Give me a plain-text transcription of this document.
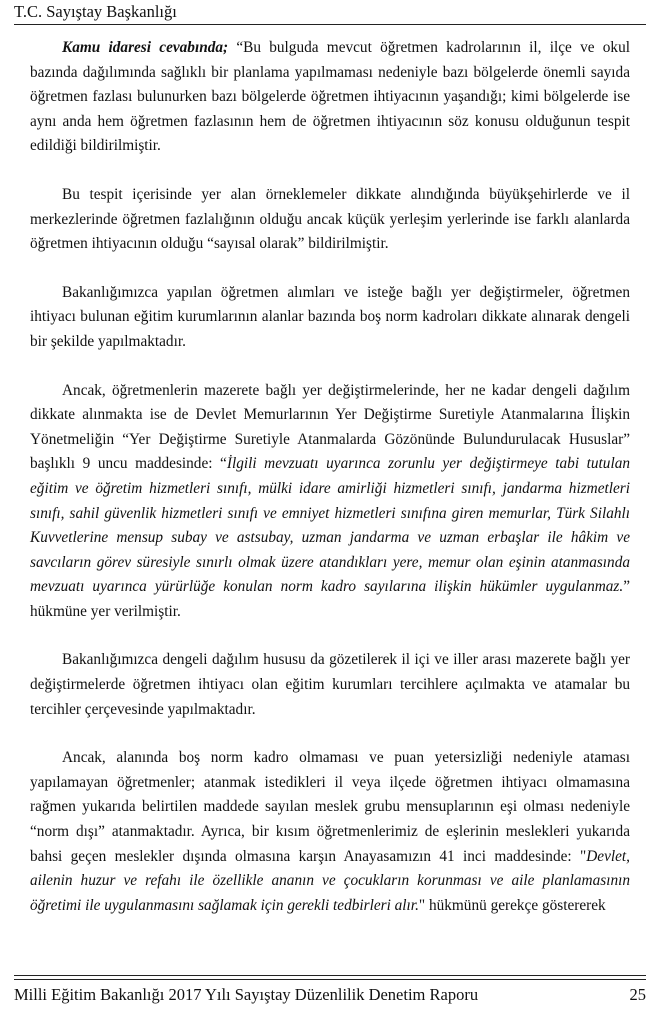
T.C. Sayıştay Başkanlığı

Kamu idaresi cevabında; “Bu bulguda mevcut öğretmen kadrolarının il, ilçe ve okul bazında dağılımında sağlıklı bir planlama yapılmaması nedeniyle bazı bölgelerde önemli sayıda öğretmen fazlası bulunurken bazı bölgelerde öğretmen ihtiyacının yaşandığı; kimi bölgelerde ise aynı anda hem öğretmen fazlasının hem de öğretmen ihtiyacının söz konusu olduğunun tespit edildiği bildirilmiştir.

Bu tespit içerisinde yer alan örneklemeler dikkate alındığında büyükşehirlerde ve il merkezlerinde öğretmen fazlalığının olduğu ancak küçük yerleşim yerlerinde ise farklı alanlarda öğretmen ihtiyacının olduğu “sayısal olarak” bildirilmiştir.

Bakanlığımızca yapılan öğretmen alımları ve isteğe bağlı yer değiştirmeler, öğretmen ihtiyacı bulunan eğitim kurumlarının alanlar bazında boş norm kadroları dikkate alınarak dengeli bir şekilde yapılmaktadır.

Ancak, öğretmenlerin mazerete bağlı yer değiştirmelerinde, her ne kadar dengeli dağılım dikkate alınmakta ise de Devlet Memurlarının Yer Değiştirme Suretiyle Atanmalarına İlişkin Yönetmeliğin “Yer Değiştirme Suretiyle Atanmalarda Gözönünde Bulundurulacak Hususlar” başlıklı 9 uncu maddesinde: “İlgili mevzuatı uyarınca zorunlu yer değiştirmeye tabi tutulan eğitim ve öğretim hizmetleri sınıfı, mülki idare amirliği hizmetleri sınıfı, jandarma hizmetleri sınıfı, sahil güvenlik hizmetleri sınıfı ve emniyet hizmetleri sınıfına giren memurlar, Türk Silahlı Kuvvetlerine mensup subay ve astsubay, uzman jandarma ve uzman erbaşlar ile hâkim ve savcıların görev süresiyle sınırlı olmak üzere atandıkları yere, memur olan eşinin atanmasında mevzuatı uyarınca yürürlüğe konulan norm kadro sayılarına ilişkin hükümler uygulanmaz.” hükmüne yer verilmiştir.

Bakanlığımızca dengeli dağılım hususu da gözetilerek il içi ve iller arası mazerete bağlı yer değiştirmelerde öğretmen ihtiyacı olan eğitim kurumları tercihlere açılmakta ve atamalar bu tercihler çerçevesinde yapılmaktadır.

Ancak, alanında boş norm kadro olmaması ve puan yetersizliği nedeniyle ataması yapılamayan öğretmenler; atanmak istedikleri il veya ilçede öğretmen ihtiyacı olmamasına rağmen yukarıda belirtilen maddede sayılan meslek grubu mensuplarının eşi olması nedeniyle “norm dışı” atanmaktadır. Ayrıca, bir kısım öğretmenlerimiz de eşlerinin meslekleri yukarıda bahsi geçen meslekler dışında olmasına karşın Anayasamızın 41 inci maddesinde: "Devlet, ailenin huzur ve refahı ile özellikle ananın ve çocukların korunması ve aile planlamasının öğretimi ile uygulanmasını sağlamak için gerekli tedbirleri alır." hükmünü gerekçe göstererek

Milli Eğitim Bakanlığı 2017 Yılı Sayıştay Düzenlilik Denetim Raporu	25
